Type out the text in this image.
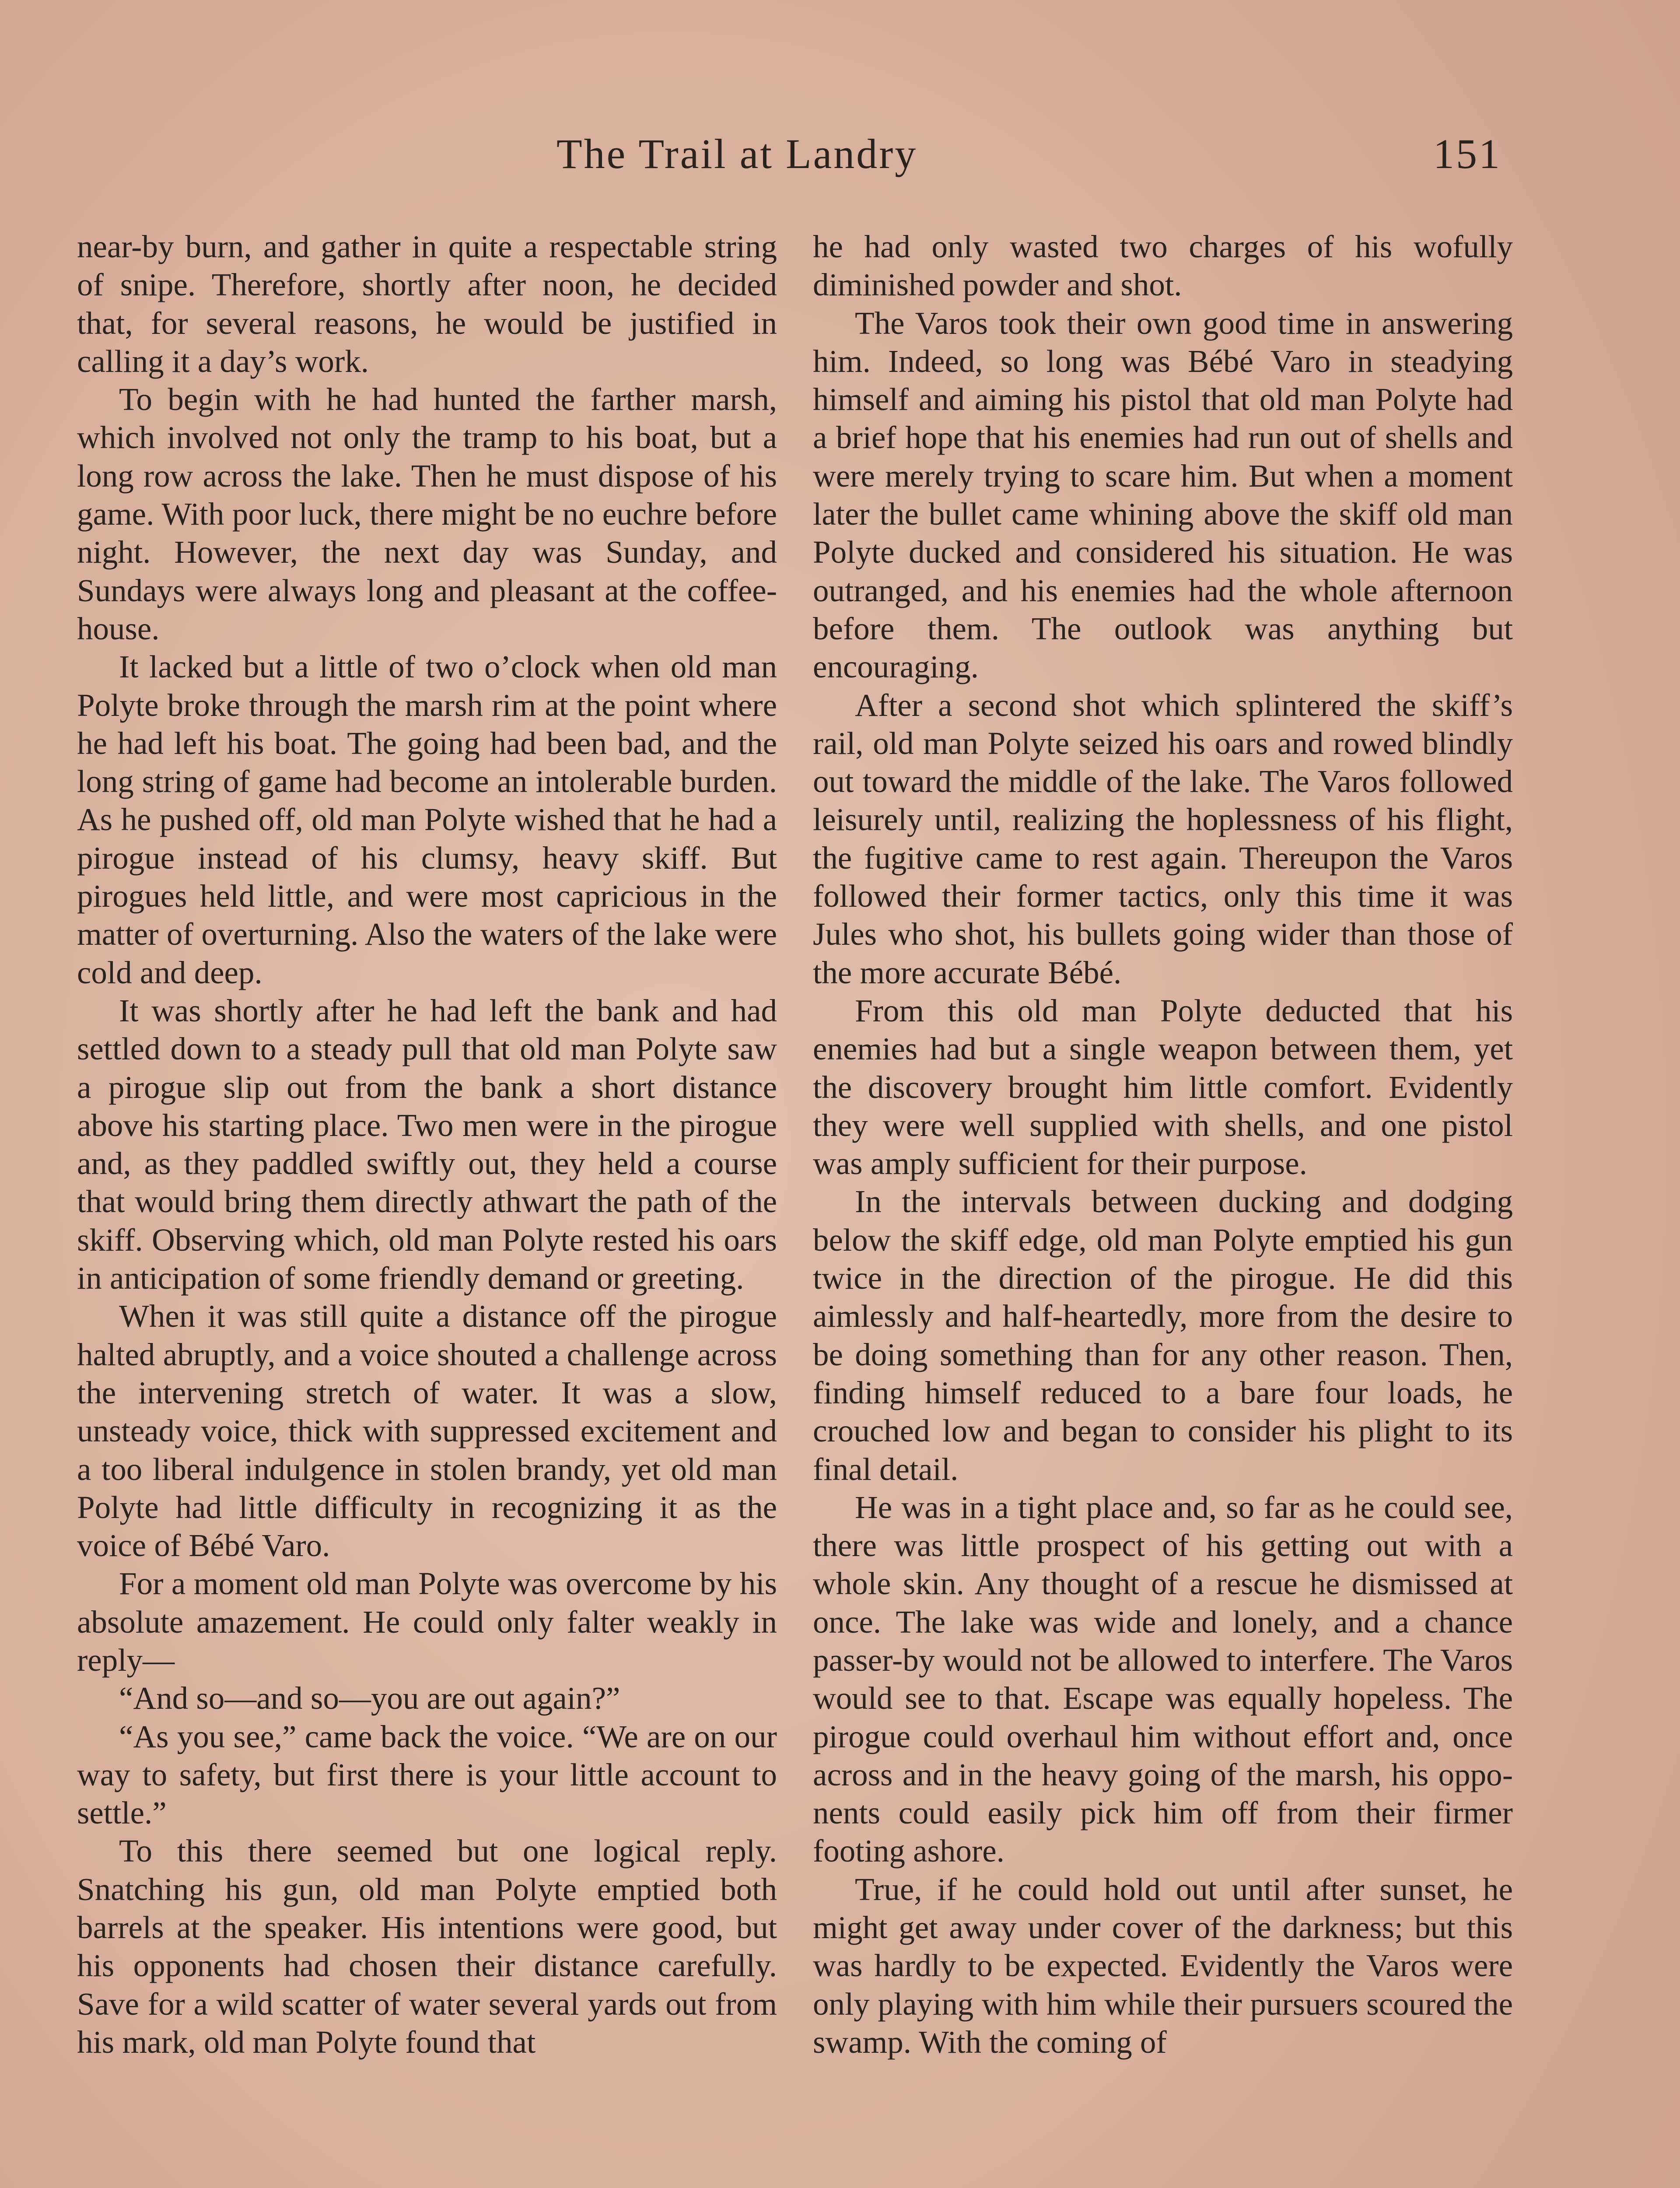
The Trail at Landry	151

near-by burn, and gather in quite a respectable string of snipe. Therefore, shortly after noon, he decided that, for several reasons, he would be justified in calling it a day’s work.

To begin with he had hunted the farther marsh, which involved not only the tramp to his boat, but a long row across the lake. Then he must dispose of his game. With poor luck, there might be no euchre before night. However, the next day was Sunday, and Sundays were always long and pleasant at the coffee-house.

It lacked but a little of two o’clock when old man Polyte broke through the marsh rim at the point where he had left his boat. The going had been bad, and the long string of game had become an intolerable burden. As he pushed off, old man Polyte wished that he had a pirogue instead of his clumsy, heavy skiff. But pirogues held little, and were most capricious in the matter of overturning. Also the waters of the lake were cold and deep.

It was shortly after he had left the bank and had settled down to a steady pull that old man Polyte saw a pirogue slip out from the bank a short distance above his starting place. Two men were in the pirogue and, as they paddled swiftly out, they held a course that would bring them directly athwart the path of the skiff. Observing which, old man Polyte rested his oars in anticipation of some friendly demand or greeting.

When it was still quite a distance off the pirogue halted abruptly, and a voice shouted a challenge across the intervening stretch of water. It was a slow, unsteady voice, thick with suppressed excitement and a too liberal indulgence in stolen brandy, yet old man Polyte had little difficulty in recognizing it as the voice of Bébé Varo.

For a moment old man Polyte was overcome by his absolute amazement. He could only falter weakly in reply—

“And so—and so—you are out again?”

“As you see,” came back the voice. “We are on our way to safety, but first there is your little account to settle.”

To this there seemed but one logical reply. Snatching his gun, old man Polyte emptied both barrels at the speaker. His intentions were good, but his opponents had chosen their distance carefully. Save for a wild scatter of water several yards out from his mark, old man Polyte found that

he had only wasted two charges of his wofully diminished powder and shot.

The Varos took their own good time in answering him. Indeed, so long was Bébé Varo in steadying himself and aiming his pistol that old man Polyte had a brief hope that his enemies had run out of shells and were merely trying to scare him. But when a moment later the bullet came whining above the skiff old man Polyte ducked and considered his situation. He was outranged, and his enemies had the whole afternoon before them. The outlook was anything but encouraging.

After a second shot which splintered the skiff’s rail, old man Polyte seized his oars and rowed blindly out toward the middle of the lake. The Varos followed leisurely until, realizing the hoplessness of his flight, the fugitive came to rest again. Thereupon the Varos followed their former tactics, only this time it was Jules who shot, his bullets going wider than those of the more accurate Bébé.

From this old man Polyte deducted that his enemies had but a single weapon between them, yet the discovery brought him little comfort. Evidently they were well supplied with shells, and one pistol was amply sufficient for their purpose.

In the intervals between ducking and dodging below the skiff edge, old man Polyte emptied his gun twice in the direction of the pirogue. He did this aimlessly and half-heartedly, more from the desire to be doing something than for any other reason. Then, finding himself reduced to a bare four loads, he crouched low and began to consider his plight to its final detail.

He was in a tight place and, so far as he could see, there was little prospect of his getting out with a whole skin. Any thought of a rescue he dismissed at once. The lake was wide and lonely, and a chance passer-by would not be allowed to interfere. The Varos would see to that. Escape was equally hopeless. The pirogue could overhaul him without effort and, once across and in the heavy going of the marsh, his opponents could easily pick him off from their firmer footing ashore.

True, if he could hold out until after sunset, he might get away under cover of the darkness; but this was hardly to be expected. Evidently the Varos were only playing with him while their pursuers scoured the swamp. With the coming of
